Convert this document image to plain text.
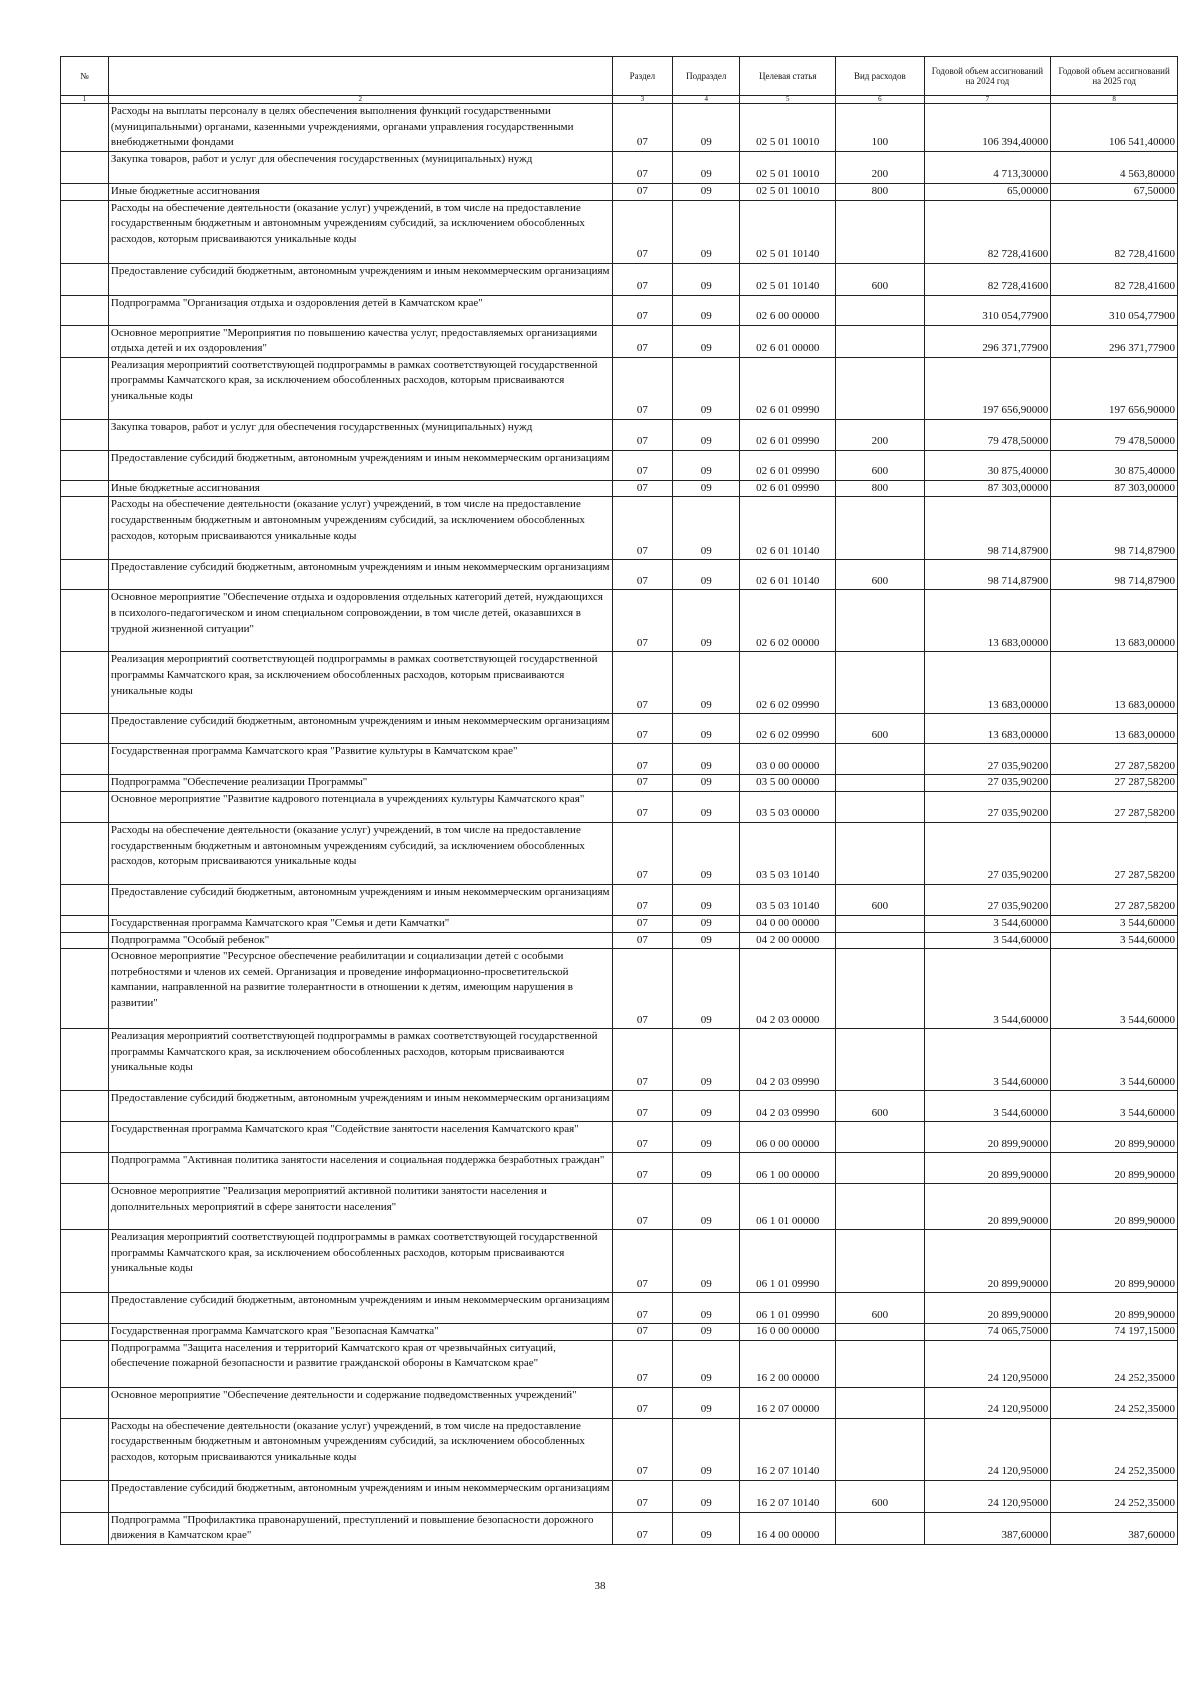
№		Раздел	Подраздел	Целевая статья	Вид расходов	Годовой объем ассигнований на 2024 год	Годовой объем ассигнований на 2025 год
1	2	3	4	5	6	7	8
	Расходы на выплаты персоналу в целях обеспечения выполнения функций государственными (муниципальными) органами, казенными учреждениями, органами управления государственными внебюджетными фондами	07	09	02 5 01 10010	100	106 394,40000	106 541,40000
	Закупка товаров, работ и услуг для обеспечения государственных (муниципальных) нужд	07	09	02 5 01 10010	200	4 713,30000	4 563,80000
	Иные бюджетные ассигнования	07	09	02 5 01 10010	800	65,00000	67,50000
	Расходы на обеспечение деятельности (оказание услуг) учреждений, в том числе на предоставление государственным бюджетным и автономным учреждениям субсидий, за исключением обособленных расходов, которым присваиваются уникальные коды	07	09	02 5 01 10140		82 728,41600	82 728,41600
	Предоставление субсидий бюджетным, автономным учреждениям и иным некоммерческим организациям	07	09	02 5 01 10140	600	82 728,41600	82 728,41600
	Подпрограмма "Организация отдыха и оздоровления детей в Камчатском крае"	07	09	02 6 00 00000		310 054,77900	310 054,77900
	Основное мероприятие "Мероприятия по повышению качества услуг, предоставляемых организациями отдыха детей и их оздоровления"	07	09	02 6 01 00000		296 371,77900	296 371,77900
	Реализация мероприятий соответствующей подпрограммы в рамках соответствующей государственной программы Камчатского края, за исключением обособленных расходов, которым присваиваются уникальные коды	07	09	02 6 01 09990		197 656,90000	197 656,90000
	Закупка товаров, работ и услуг для обеспечения государственных (муниципальных) нужд	07	09	02 6 01 09990	200	79 478,50000	79 478,50000
	Предоставление субсидий бюджетным, автономным учреждениям и иным некоммерческим организациям	07	09	02 6 01 09990	600	30 875,40000	30 875,40000
	Иные бюджетные ассигнования	07	09	02 6 01 09990	800	87 303,00000	87 303,00000
	Расходы на обеспечение деятельности (оказание услуг) учреждений, в том числе на предоставление государственным бюджетным и автономным учреждениям субсидий, за исключением обособленных расходов, которым присваиваются уникальные коды	07	09	02 6 01 10140		98 714,87900	98 714,87900
	Предоставление субсидий бюджетным, автономным учреждениям и иным некоммерческим организациям	07	09	02 6 01 10140	600	98 714,87900	98 714,87900
	Основное мероприятие "Обеспечение отдыха и оздоровления отдельных категорий детей, нуждающихся в психолого-педагогическом и ином специальном сопровождении, в том числе детей, оказавшихся в трудной жизненной ситуации"	07	09	02 6 02 00000		13 683,00000	13 683,00000
	Реализация мероприятий соответствующей подпрограммы в рамках соответствующей государственной программы Камчатского края, за исключением обособленных расходов, которым присваиваются уникальные коды	07	09	02 6 02 09990		13 683,00000	13 683,00000
	Предоставление субсидий бюджетным, автономным учреждениям и иным некоммерческим организациям	07	09	02 6 02 09990	600	13 683,00000	13 683,00000
	Государственная программа Камчатского края "Развитие культуры в Камчатском крае"	07	09	03 0 00 00000		27 035,90200	27 287,58200
	Подпрограмма "Обеспечение реализации Программы"	07	09	03 5 00 00000		27 035,90200	27 287,58200
	Основное мероприятие "Развитие кадрового потенциала в учреждениях культуры Камчатского края"	07	09	03 5 03 00000		27 035,90200	27 287,58200
	Расходы на обеспечение деятельности (оказание услуг) учреждений, в том числе на предоставление государственным бюджетным и автономным учреждениям субсидий, за исключением обособленных расходов, которым присваиваются уникальные коды	07	09	03 5 03 10140		27 035,90200	27 287,58200
	Предоставление субсидий бюджетным, автономным учреждениям и иным некоммерческим организациям	07	09	03 5 03 10140	600	27 035,90200	27 287,58200
	Государственная программа Камчатского края "Семья и дети Камчатки"	07	09	04 0 00 00000		3 544,60000	3 544,60000
	Подпрограмма "Особый ребенок"	07	09	04 2 00 00000		3 544,60000	3 544,60000
	Основное мероприятие "Ресурсное обеспечение реабилитации и социализации детей с особыми потребностями и членов их семей. Организация и проведение информационно-просветительской кампании, направленной на развитие толерантности в отношении к детям, имеющим нарушения в развитии"	07	09	04 2 03 00000		3 544,60000	3 544,60000
	Реализация мероприятий соответствующей подпрограммы в рамках соответствующей государственной программы Камчатского края, за исключением обособленных расходов, которым присваиваются уникальные коды	07	09	04 2 03 09990		3 544,60000	3 544,60000
	Предоставление субсидий бюджетным, автономным учреждениям и иным некоммерческим организациям	07	09	04 2 03 09990	600	3 544,60000	3 544,60000
	Государственная программа Камчатского края "Содействие занятости населения Камчатского края"	07	09	06 0 00 00000		20 899,90000	20 899,90000
	Подпрограмма "Активная политика занятости населения и социальная поддержка безработных граждан"	07	09	06 1 00 00000		20 899,90000	20 899,90000
	Основное мероприятие "Реализация мероприятий активной политики занятости населения и дополнительных мероприятий в сфере занятости населения"	07	09	06 1 01 00000		20 899,90000	20 899,90000
	Реализация мероприятий соответствующей подпрограммы в рамках соответствующей государственной программы Камчатского края, за исключением обособленных расходов, которым присваиваются уникальные коды	07	09	06 1 01 09990		20 899,90000	20 899,90000
	Предоставление субсидий бюджетным, автономным учреждениям и иным некоммерческим организациям	07	09	06 1 01 09990	600	20 899,90000	20 899,90000
	Государственная программа Камчатского края "Безопасная Камчатка"	07	09	16 0 00 00000		74 065,75000	74 197,15000
	Подпрограмма "Защита населения и территорий Камчатского края от чрезвычайных ситуаций, обеспечение пожарной безопасности и развитие гражданской обороны в Камчатском крае"	07	09	16 2 00 00000		24 120,95000	24 252,35000
	Основное мероприятие "Обеспечение деятельности и содержание подведомственных учреждений"	07	09	16 2 07 00000		24 120,95000	24 252,35000
	Расходы на обеспечение деятельности (оказание услуг) учреждений, в том числе на предоставление государственным бюджетным и автономным учреждениям субсидий, за исключением обособленных расходов, которым присваиваются уникальные коды	07	09	16 2 07 10140		24 120,95000	24 252,35000
	Предоставление субсидий бюджетным, автономным учреждениям и иным некоммерческим организациям	07	09	16 2 07 10140	600	24 120,95000	24 252,35000
	Подпрограмма "Профилактика правонарушений, преступлений и повышение безопасности дорожного движения в Камчатском крае"	07	09	16 4 00 00000		387,60000	387,60000
38
